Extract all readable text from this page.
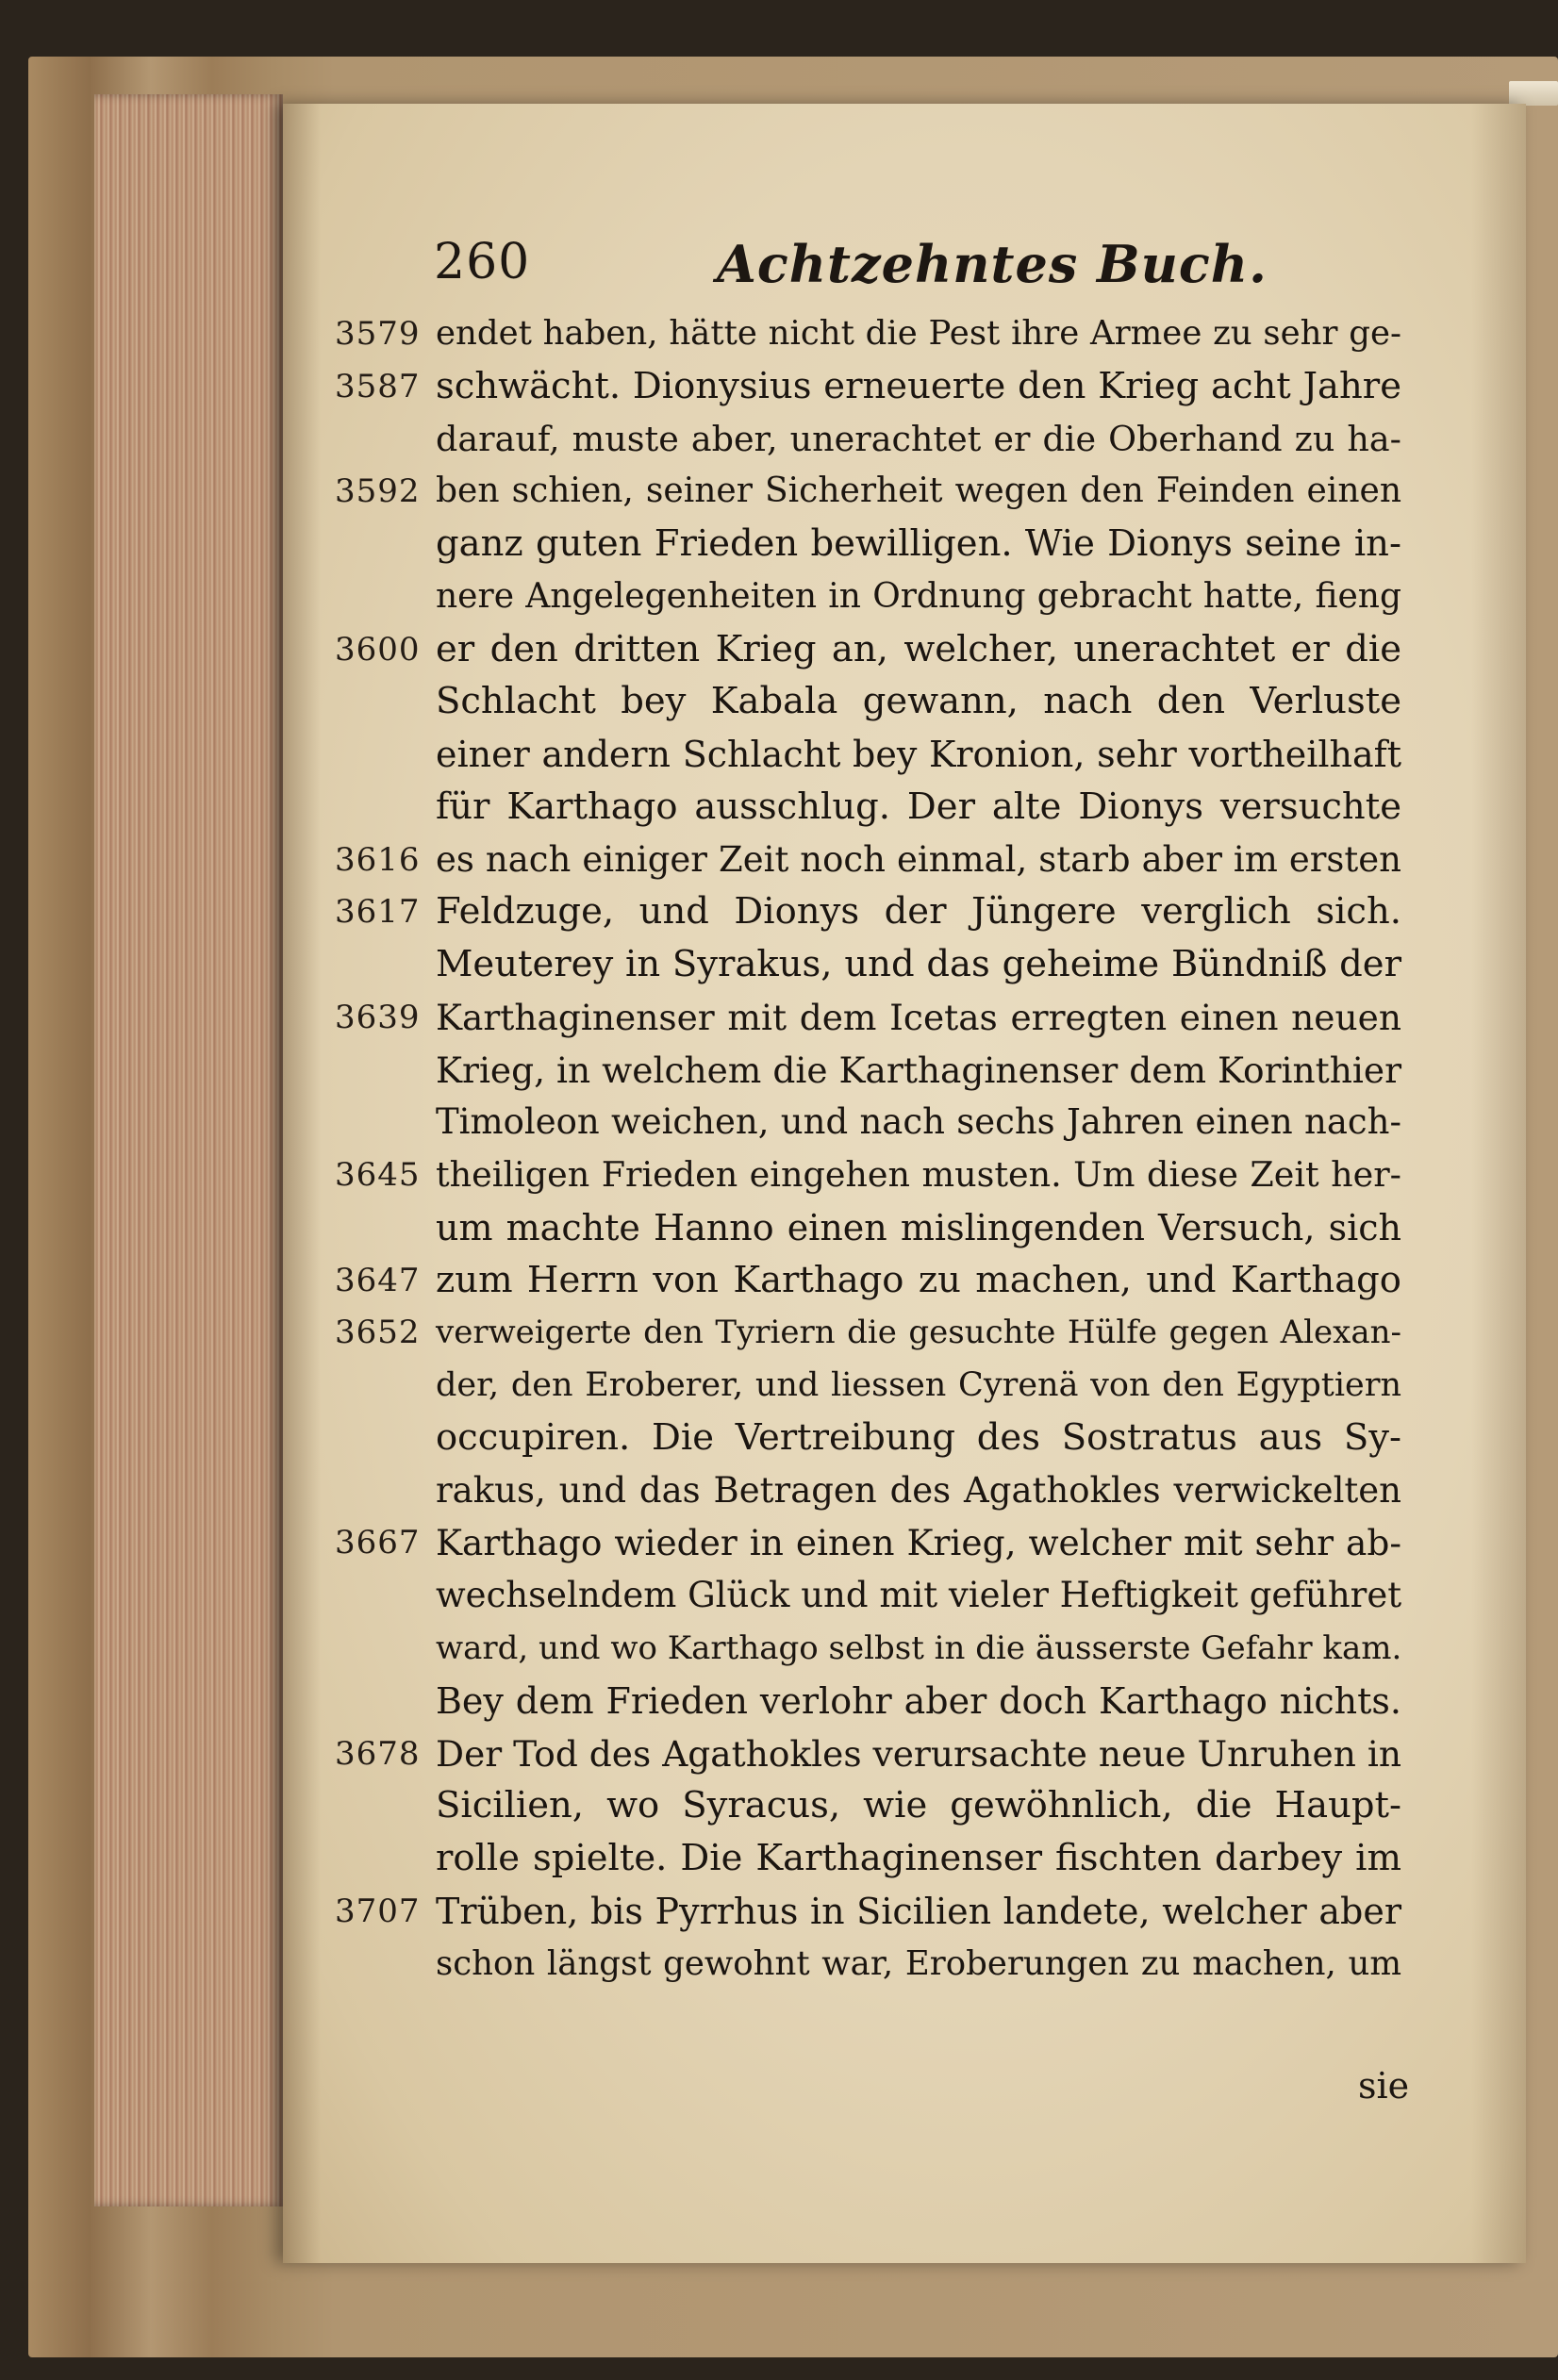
260	Achtzehntes Buch.
endet haben, hätte nicht die Pest ihre Armee zu sehr ge-
schwächt. Dionysius erneuerte den Krieg acht Jahre
darauf, muste aber, unerachtet er die Oberhand zu ha-
ben schien, seiner Sicherheit wegen den Feinden einen
ganz guten Frieden bewilligen. Wie Dionys seine in-
nere Angelegenheiten in Ordnung gebracht hatte, fieng
er den dritten Krieg an, welcher, unerachtet er die
Schlacht bey Kabala gewann, nach den Verluste
einer andern Schlacht bey Kronion, sehr vortheilhaft
für Karthago ausschlug. Der alte Dionys versuchte
es nach einiger Zeit noch einmal, starb aber im ersten
Feldzuge, und Dionys der Jüngere verglich sich.
Meuterey in Syrakus, und das geheime Bündniß der
Karthaginenser mit dem Icetas erregten einen neuen
Krieg, in welchem die Karthaginenser dem Korinthier
Timoleon weichen, und nach sechs Jahren einen nach-
theiligen Frieden eingehen musten. Um diese Zeit her-
um machte Hanno einen mislingenden Versuch, sich
zum Herrn von Karthago zu machen, und Karthago
verweigerte den Tyriern die gesuchte Hülfe gegen Alexan-
der, den Eroberer, und liessen Cyrenä von den Egyptiern
occupiren. Die Vertreibung des Sostratus aus Sy-
rakus, und das Betragen des Agathokles verwickelten
Karthago wieder in einen Krieg, welcher mit sehr ab-
wechselndem Glück und mit vieler Heftigkeit geführet
ward, und wo Karthago selbst in die äusserste Gefahr kam.
Bey dem Frieden verlohr aber doch Karthago nichts.
Der Tod des Agathokles verursachte neue Unruhen in
Sicilien, wo Syracus, wie gewöhnlich, die Haupt-
rolle spielte. Die Karthaginenser fischten darbey im
Trüben, bis Pyrrhus in Sicilien landete, welcher aber
schon längst gewohnt war, Eroberungen zu machen, um
3579
3587
3592
3600
3616
3617
3639
3645
3647
3652
3667
3678
3707
sie
